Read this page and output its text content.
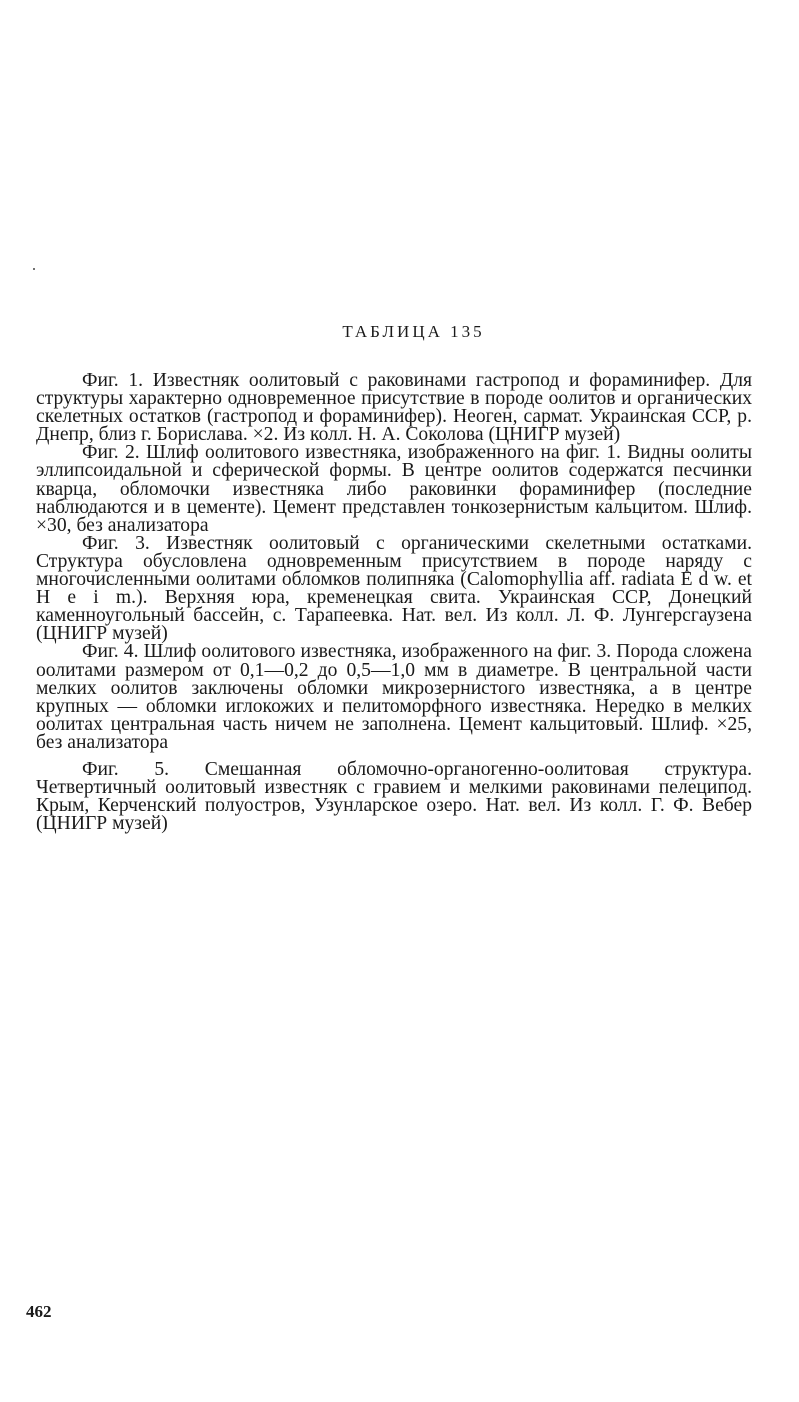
ТАБЛИЦА 135

Фиг. 1. Известняк оолитовый с раковинами гастропод и фораминифер. Для структуры характерно одновременное присутствие в породе оолитов и органических скелетных остатков (гастропод и фораминифер). Неоген, сармат. Украинская ССР, р. Днепр, близ г. Борислава. ×2. Из колл. Н. А. Соколова (ЦНИГР музей)

Фиг. 2. Шлиф оолитового известняка, изображенного на фиг. 1. Видны оолиты эллипсоидальной и сферической формы. В центре оолитов содержатся песчинки кварца, обломочки известняка либо раковинки фораминифер (последние наблюдаются и в цементе). Цемент представлен тонкозернистым кальцитом. Шлиф. ×30, без анализатора

Фиг. 3. Известняк оолитовый с органическими скелетными остатками. Структура обусловлена одновременным присутствием в породе наряду с многочисленными оолитами обломков полипняка (Calomophyllia aff. radiata E d w. et H e i m.). Верхняя юра, кременецкая свита. Украинская ССР, Донецкий каменноугольный бассейн, с. Тарапеевка. Нат. вел. Из колл. Л. Ф. Лунгерсгаузена (ЦНИГР музей)

Фиг. 4. Шлиф оолитового известняка, изображенного на фиг. 3. Порода сложена оолитами размером от 0,1—0,2 до 0,5—1,0 мм в диаметре. В центральной части мелких оолитов заключены обломки микрозернистого известняка, а в центре крупных — обломки иглокожих и пелитоморфного известняка. Нередко в мелких оолитах центральная часть ничем не заполнена. Цемент кальцитовый. Шлиф. ×25, без анализатора

Фиг. 5. Смешанная обломочно-органогенно-оолитовая структура. Четвертичный оолитовый известняк с гравием и мелкими раковинами пелеципод. Крым, Керченский полуостров, Узунларское озеро. Нат. вел. Из колл. Г. Ф. Вебер (ЦНИГР музей)

462
